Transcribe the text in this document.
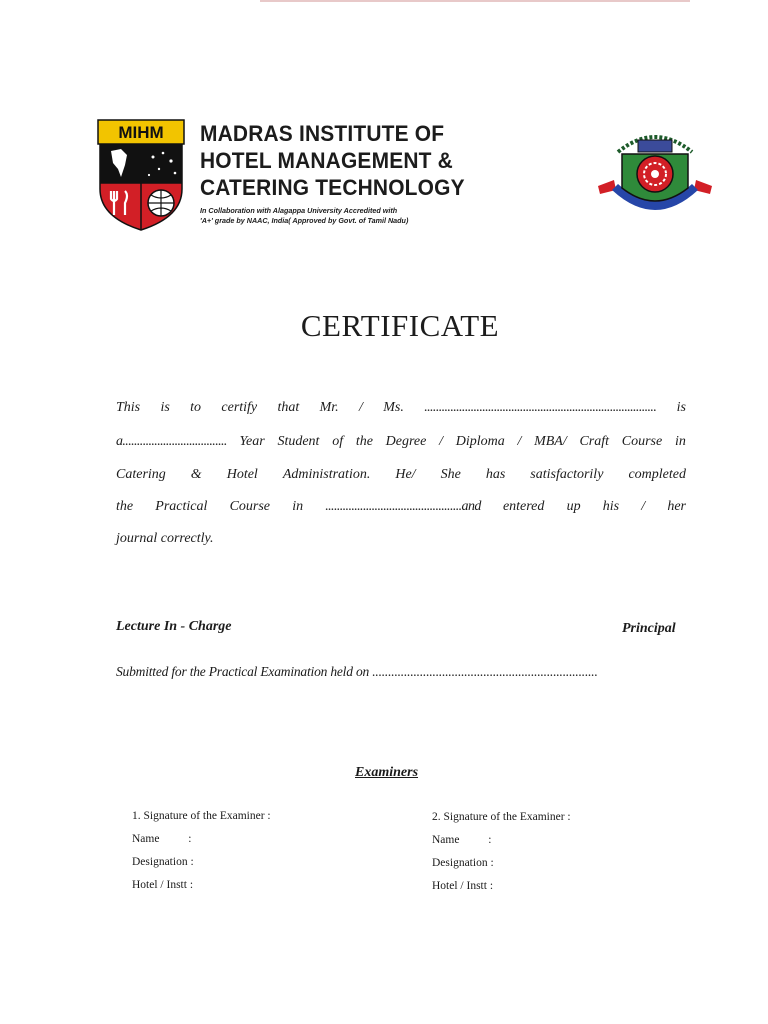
MIHM MADRAS INSTITUTE OF
HOTEL MANAGEMENT &
CATERING TECHNOLOGY
In Collaboration with Alagappa University Accredited with
'A+' grade by NAAC, India( Approved by Govt. of Tamil Nadu)
CERTIFICATE
This is to certify that Mr. / Ms. ................................................................................ is
a.................................... Year Student of the Degree / Diploma / MBA/ Craft Course in
Catering & Hotel Administration. He/ She has satisfactorily completed
the Practical Course in ...............................................and entered up his / her
journal correctly.
Lecture In - Charge	Principal
Submitted for the Practical Examination held on .......................................................................
Examiners
1. Signature of the Examiner :
Name          :
Designation :
Hotel / Instt :
2. Signature of the Examiner :
Name          :
Designation :
Hotel / Instt :
